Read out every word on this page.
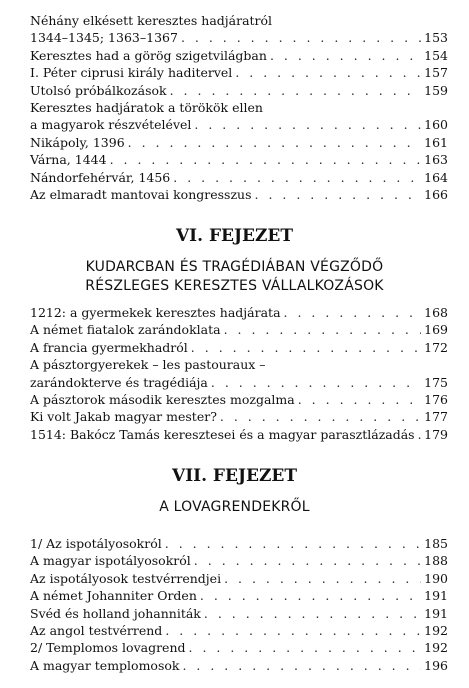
Néhány elkésett keresztes hadjáratról
1344–1345; 1363–1367 . . .	153
Keresztes had a görög szigetvilágban . . .	154
I. Péter ciprusi király haditervel . . .	157
Utolsó próbálkozások . . .	159
Keresztes hadjáratok a törökök ellen
a magyarok részvételével . . .	160
Nikápoly, 1396 . . .	161
Várna, 1444 . . .	163
Nándorfehérvár, 1456 . . .	164
Az elmaradt mantovai kongresszus . . .	166
VI. FEJEZET
KUDARCBAN ÉS TRAGÉDIÁBAN VÉGZŐDŐ
RÉSZLEGES KERESZTES VÁLLALKOZÁSOK
1212: a gyermekek keresztes hadjárata . . .	168
A német fiatalok zarándoklata . . .	169
A francia gyermekhadról . . .	172
A pásztorgyerekek – les pastouraux –
zarándokterve és tragédiája . . .	175
A pásztorok második keresztes mozgalma . . .	176
Ki volt Jakab magyar mester? . . .	177
1514: Bakócz Tamás keresztesei és a magyar parasztlázadás . . . 179
VII. FEJEZET
A LOVAGRENDEKRŐL
1/ Az ispotályosokról . . .	185
A magyar ispotályosokról . . .	188
Az ispotályosok testvérrendjei . . .	190
A német Johanniter Orden . . .	191
Svéd és holland johanniták . . .	191
Az angol testvérrend . . .	192
2/ Templomos lovagrend . . .	192
A magyar templomosok . . .	196
